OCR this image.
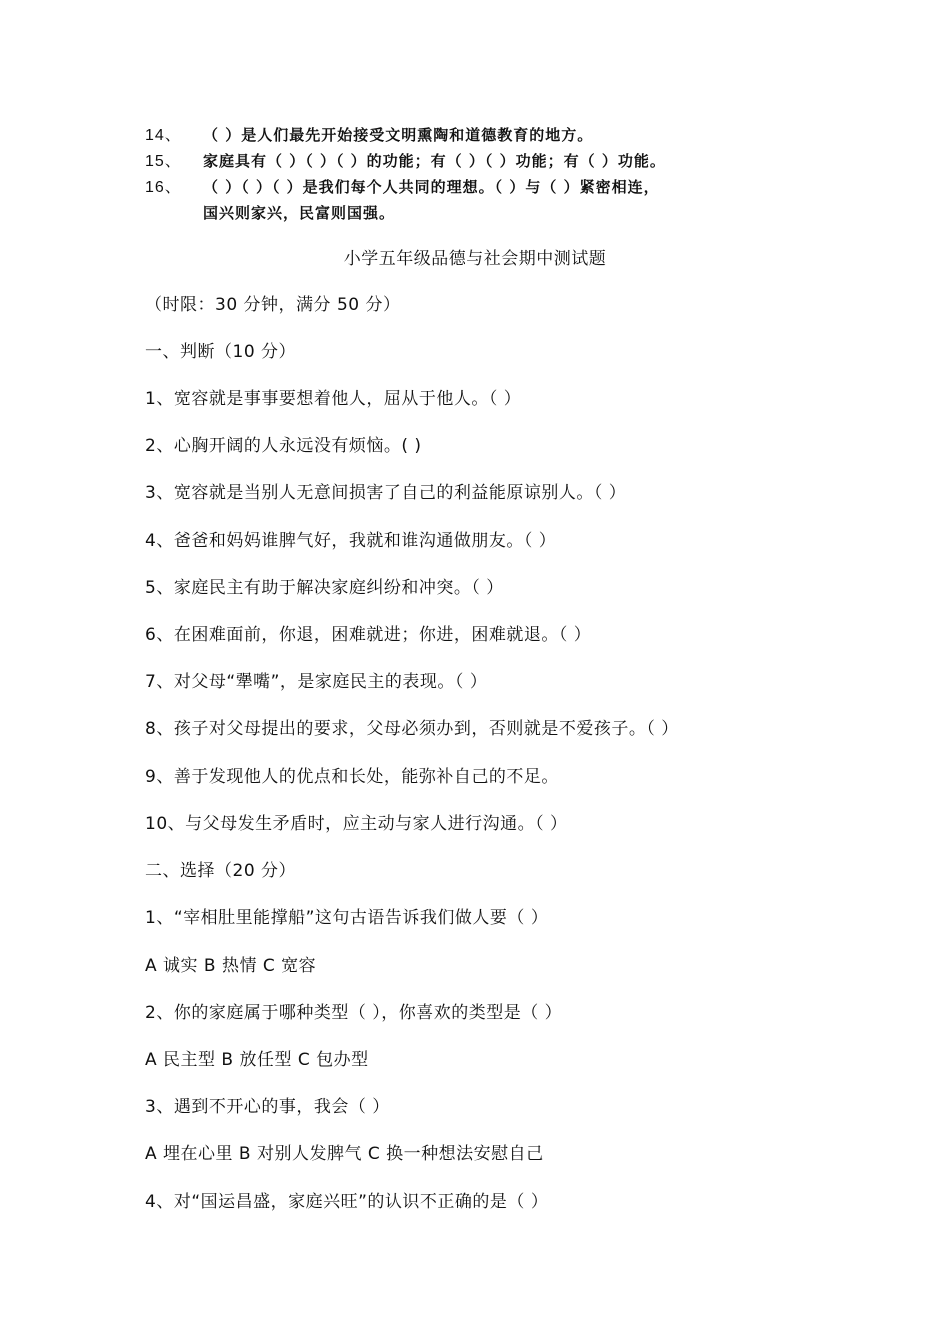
14、 （ ）是人们最先开始接受文明熏陶和道德教育的地方。
15、 家庭具有（ ）（ ）（ ）的功能；有（ ）（ ）功能；有（ ）功能。
16、 （ ）（ ）（ ）是我们每个人共同的理想。（ ）与（ ）紧密相连，
国兴则家兴，民富则国强。
小学五年级品德与社会期中测试题
（时限：30 分钟，满分 50 分）
一、判断（10 分）
1、宽容就是事事要想着他人，屈从于他人。（ ）
2、心胸开阔的人永远没有烦恼。( )
3、宽容就是当别人无意间损害了自己的利益能原谅别人。（ ）
4、爸爸和妈妈谁脾气好，我就和谁沟通做朋友。（ ）
5、家庭民主有助于解决家庭纠纷和冲突。（ ）
6、在困难面前，你退，困难就进；你进，困难就退。（ ）
7、对父母“犟嘴”，是家庭民主的表现。（ ）
8、孩子对父母提出的要求，父母必须办到，否则就是不爱孩子。（ ）
9、善于发现他人的优点和长处，能弥补自己的不足。
10、与父母发生矛盾时，应主动与家人进行沟通。（ ）
二、选择（20 分）
1、“宰相肚里能撑船”这句古语告诉我们做人要（ ）
A 诚实 B 热情 C 宽容
2、你的家庭属于哪种类型（ ），你喜欢的类型是（ ）
A 民主型 B 放任型 C 包办型
3、遇到不开心的事，我会（ ）
A 埋在心里 B 对别人发脾气 C 换一种想法安慰自己
4、对“国运昌盛，家庭兴旺”的认识不正确的是（ ）
